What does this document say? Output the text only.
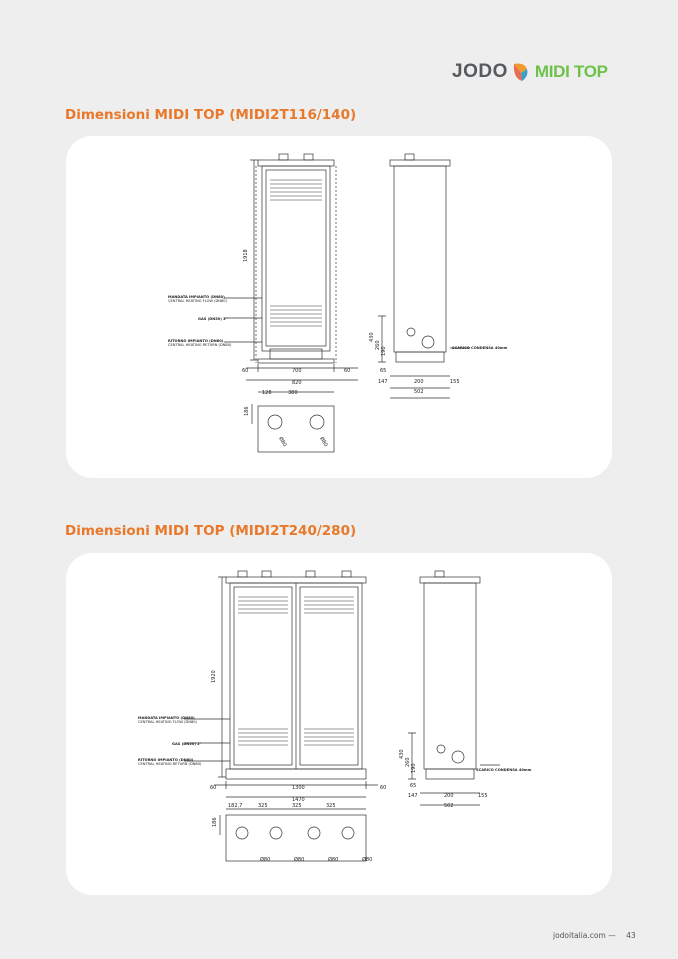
JODO MIDI TOP
Dimensioni MIDI TOP (MIDI2T116/140)
1918
60	700	60
820
128	380
186
Ø80	Ø80
430
260
190
65
147	200	155
502
MANDATA IMPIANTO (DN80)
CENTRAL HEATING FLOW (DN80)
GAS (DN50) 2"
RITORNO IMPIANTO (DN80)
CENTRAL HEATING RETURN (DN80)
SCARICO CONDENSA 40mm
Dimensioni MIDI TOP (MIDI2T240/280)
1920
60	1300	60
1470
182,7	325	325	325
186
Ø80	Ø80	Ø80	Ø80
430
260
190
65
147	200	155
502
MANDATA IMPIANTO (DN80)
CENTRAL HEATING FLOW (DN80)
GAS (DN50) 2"
RITORNO IMPIANTO (DN80)
CENTRAL HEATING RETURN (DN80)
SCARICO CONDENSA 40mm
jodoitalia.com — 43
